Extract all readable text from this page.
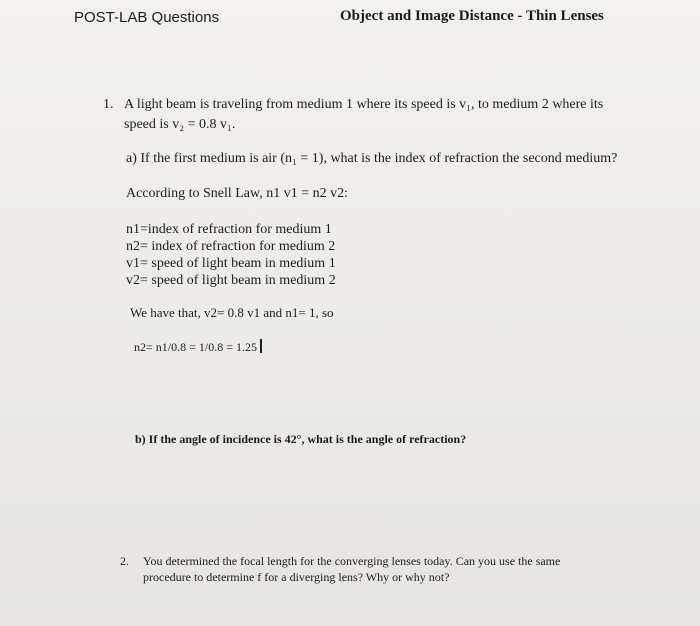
POST-LAB Questions	Object and Image Distance - Thin Lenses
1. A light beam is traveling from medium 1 where its speed is v₁, to medium 2 where its
speed is v₂ = 0.8 v₁.
a) If the first medium is air (n₁ = 1), what is the index of refraction the second medium?
According to Snell Law, n1 v1 = n2 v2:
n1=index of refraction for medium 1
n2= index of refraction for medium 2
v1= speed of light beam in medium 1
v2= speed of light beam in medium 2
We have that, v2= 0.8 v1 and n1= 1, so
n2= n1/0.8 = 1/0.8 = 1.25
b) If the angle of incidence is 42°, what is the angle of refraction?
2. You determined the focal length for the converging lenses today. Can you use the same
procedure to determine f for a diverging lens? Why or why not?
